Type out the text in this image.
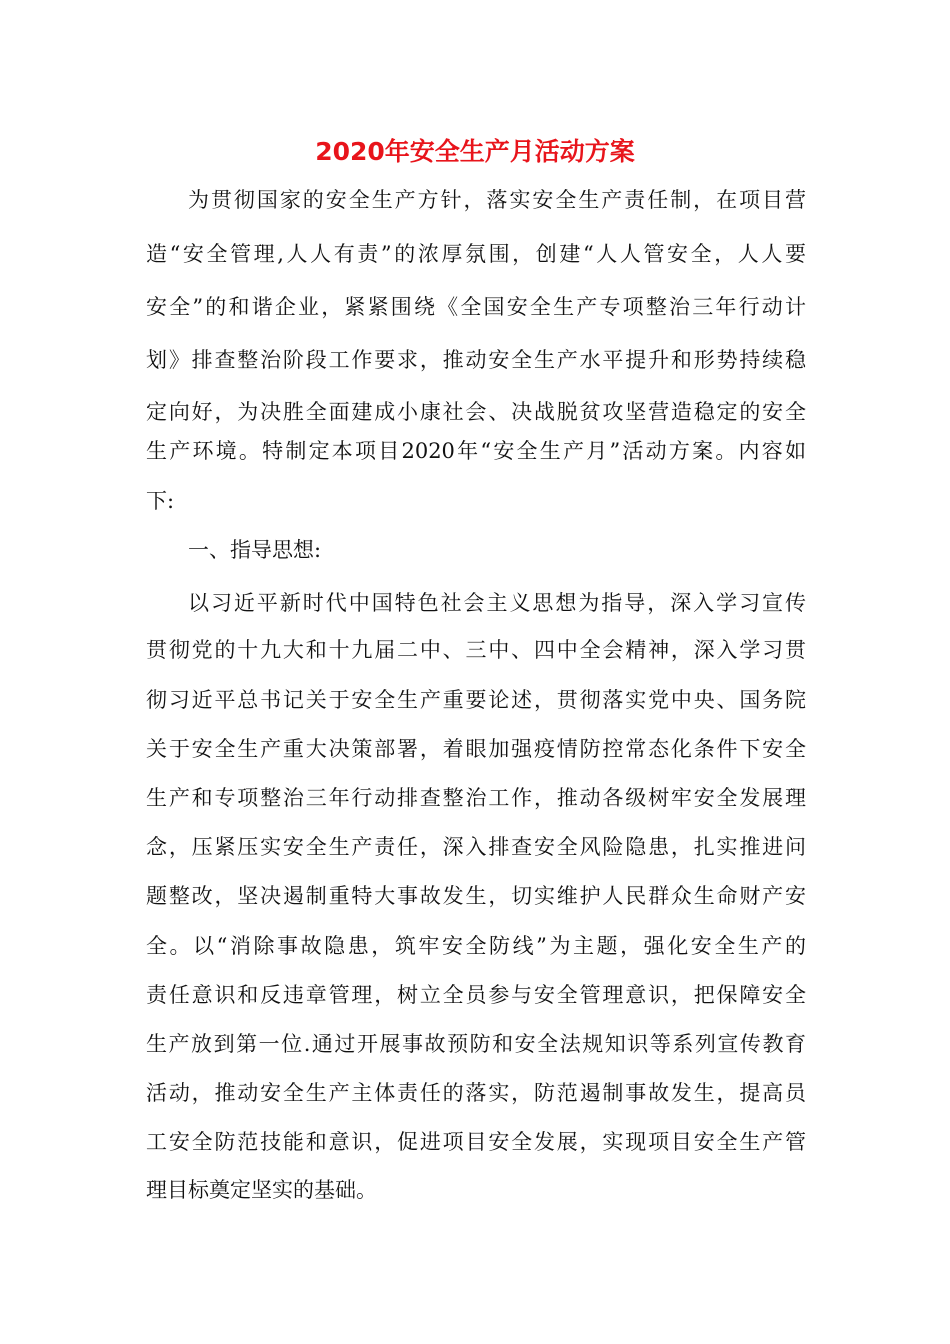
2020年安全生产月活动方案

为贯彻国家的安全生产方针，落实安全生产责任制，在项目营

造“安全管理,人人有责”的浓厚氛围，创建“人人管安全，人人要

安全”的和谐企业，紧紧围绕《全国安全生产专项整治三年行动计

划》排查整治阶段工作要求，推动安全生产水平提升和形势持续稳

定向好，为决胜全面建成小康社会、决战脱贫攻坚营造稳定的安全

生产环境。特制定本项目2020年“安全生产月”活动方案。内容如

下:

一、指导思想:

以习近平新时代中国特色社会主义思想为指导，深入学习宣传

贯彻党的十九大和十九届二中、三中、四中全会精神，深入学习贯

彻习近平总书记关于安全生产重要论述，贯彻落实党中央、国务院

关于安全生产重大决策部署，着眼加强疫情防控常态化条件下安全

生产和专项整治三年行动排查整治工作，推动各级树牢安全发展理

念，压紧压实安全生产责任，深入排查安全风险隐患，扎实推进问

题整改，坚决遏制重特大事故发生，切实维护人民群众生命财产安

全。以“消除事故隐患，筑牢安全防线”为主题，强化安全生产的

责任意识和反违章管理，树立全员参与安全管理意识，把保障安全

生产放到第一位.通过开展事故预防和安全法规知识等系列宣传教育

活动，推动安全生产主体责任的落实，防范遏制事故发生，提高员

工安全防范技能和意识，促进项目安全发展，实现项目安全生产管

理目标奠定坚实的基础。
